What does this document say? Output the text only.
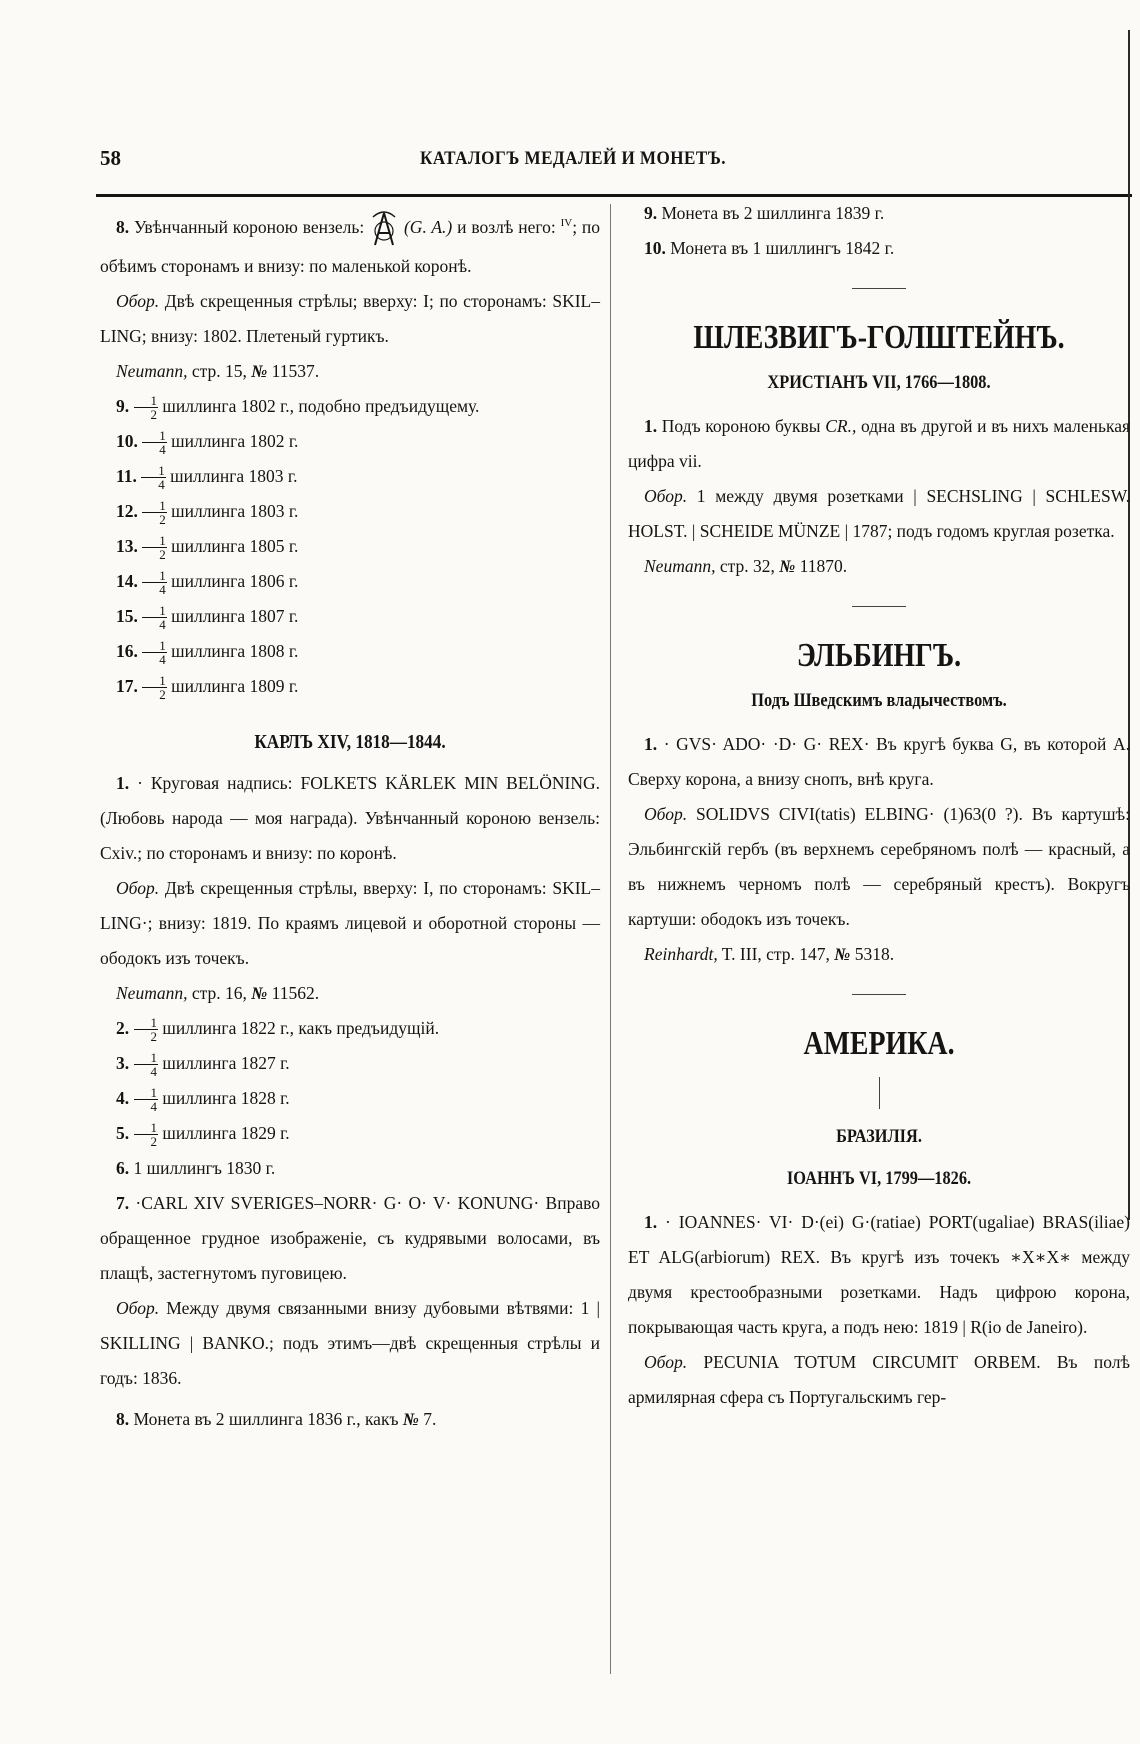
58	КАТАЛОГЪ МЕДАЛЕЙ И МОНЕТЪ.

8. Увѣнчанный короною вензель: (G. A.) и возлѣ него: $^{IV}$; по обѣимъ сторонамъ и внизу: по маленькой коронѣ.

Обор. Двѣ скрещенныя стрѣлы; вверху: I; по сторонамъ: SKIL–LING; внизу: 1802. Плетеный гуртикъ.

Neumann, стр. 15, № 11537.

9. $\frac{1}{2}$ шиллинга 1802 г., подобно предъидущему.

10. $\frac{1}{4}$ шиллинга 1802 г.

11. $\frac{1}{4}$ шиллинга 1803 г.

12. $\frac{1}{2}$ шиллинга 1803 г.

13. $\frac{1}{2}$ шиллинга 1805 г.

14. $\frac{1}{4}$ шиллинга 1806 г.

15. $\frac{1}{4}$ шиллинга 1807 г.

16. $\frac{1}{4}$ шиллинга 1808 г.

17. $\frac{1}{2}$ шиллинга 1809 г.

КАРЛЪ XIV, 1818—1844.

1. · Круговая надпись: FOLKETS KÄRLEK MIN BELÖNING. (Любовь народа — моя награда). Увѣнчанный короною вензель: Cxiv.; по сторонамъ и внизу: по коронѣ.

Обор. Двѣ скрещенныя стрѣлы, вверху: I, по сторонамъ: SKIL–LING·; внизу: 1819. По краямъ лицевой и оборотной стороны — ободокъ изъ точекъ.

Neumann, стр. 16, № 11562.

2. $\frac{1}{2}$ шиллинга 1822 г., какъ предъидущій.

3. $\frac{1}{4}$ шиллинга 1827 г.

4. $\frac{1}{4}$ шиллинга 1828 г.

5. $\frac{1}{2}$ шиллинга 1829 г.

6. 1 шиллингъ 1830 г.

7. ·CARL XIV SVERIGES–NORR· G· O· V· KONUNG· Вправо обращенное грудное изображеніе, съ кудрявыми волосами, въ плащѣ, застегнутомъ пуговицею.

Обор. Между двумя связанными внизу дубовыми вѣтвями: 1 | SKILLING | BANKO.; подъ этимъ—двѣ скрещенныя стрѣлы и годъ: 1836.

8. Монета въ 2 шиллинга 1836 г., какъ № 7.

9. Монета въ 2 шиллинга 1839 г.

10. Монета въ 1 шиллингъ 1842 г.

ШЛЕЗВИГЪ-ГОЛШТЕЙНЪ.
ХРИСТІАНЪ VII, 1766—1808.

1. Подъ короною буквы CR., одна въ другой и въ нихъ маленькая цифра vii.

Обор. 1 между двумя розетками | SECHSLING | SCHLESW. HOLST. | SCHEIDE MÜNZE | 1787; подъ годомъ круглая розетка.

Neumann, стр. 32, № 11870.

ЭЛЬБИНГЪ.
Подъ Шведскимъ владычествомъ.

1. · GVS· ADO· ·D· G· REX· Въ кругѣ буква G, въ которой A. Сверху корона, а внизу снопъ, внѣ круга.

Обор. SOLIDVS CIVI(tatis) ELBING· (1)63(0 ?). Въ картушѣ: Эльбингскій гербъ (въ верхнемъ серебряномъ полѣ — красный, а въ нижнемъ черномъ полѣ — серебряный крестъ). Вокругъ картуши: ободокъ изъ точекъ.

Reinhardt, T. III, стр. 147, № 5318.

АМЕРИКА.
БРАЗИЛІЯ.
ІОАННЪ VI, 1799—1826.

1. · IOANNES· VI· D·(ei) G·(ratiae) PORT(ugaliae) BRAS(iliae) ET ALG(arbiorum) REX. Въ кругѣ изъ точекъ ∗X∗X∗ между двумя крестообразными розетками. Надъ цифрою корона, покрывающая часть круга, а подъ нею: 1819 | R(io de Janeiro).

Обор. PECUNIA TOTUM CIRCUMIT ORBEM. Въ полѣ армилярная сфера съ Португальскимъ гер-
